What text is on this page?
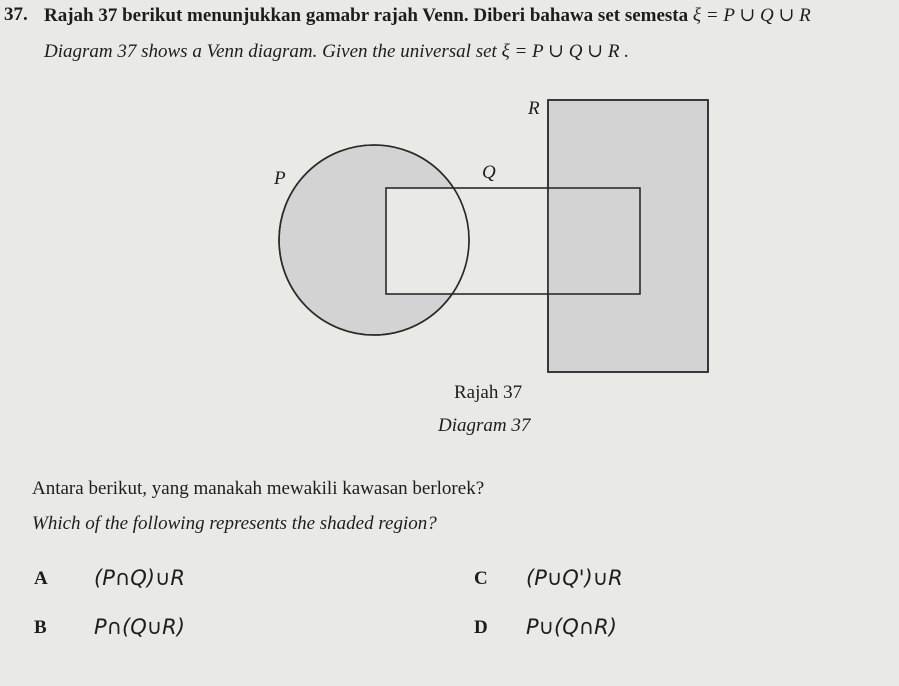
37. Rajah 37 berikut menunjukkan gamabr rajah Venn. Diberi bahawa set semesta ξ = P ∪ Q ∪ R
Diagram 37 shows a Venn diagram. Given the universal set ξ = P ∪ Q ∪ R .
P	Q
R
Rajah 37
Diagram 37
Antara berikut, yang manakah mewakili kawasan berlorek?
Which of the following represents the shaded region?
A (P∩Q)∪R
B P∩(Q∪R)
C (P∪Q')∪R
D P∪(Q∩R)
